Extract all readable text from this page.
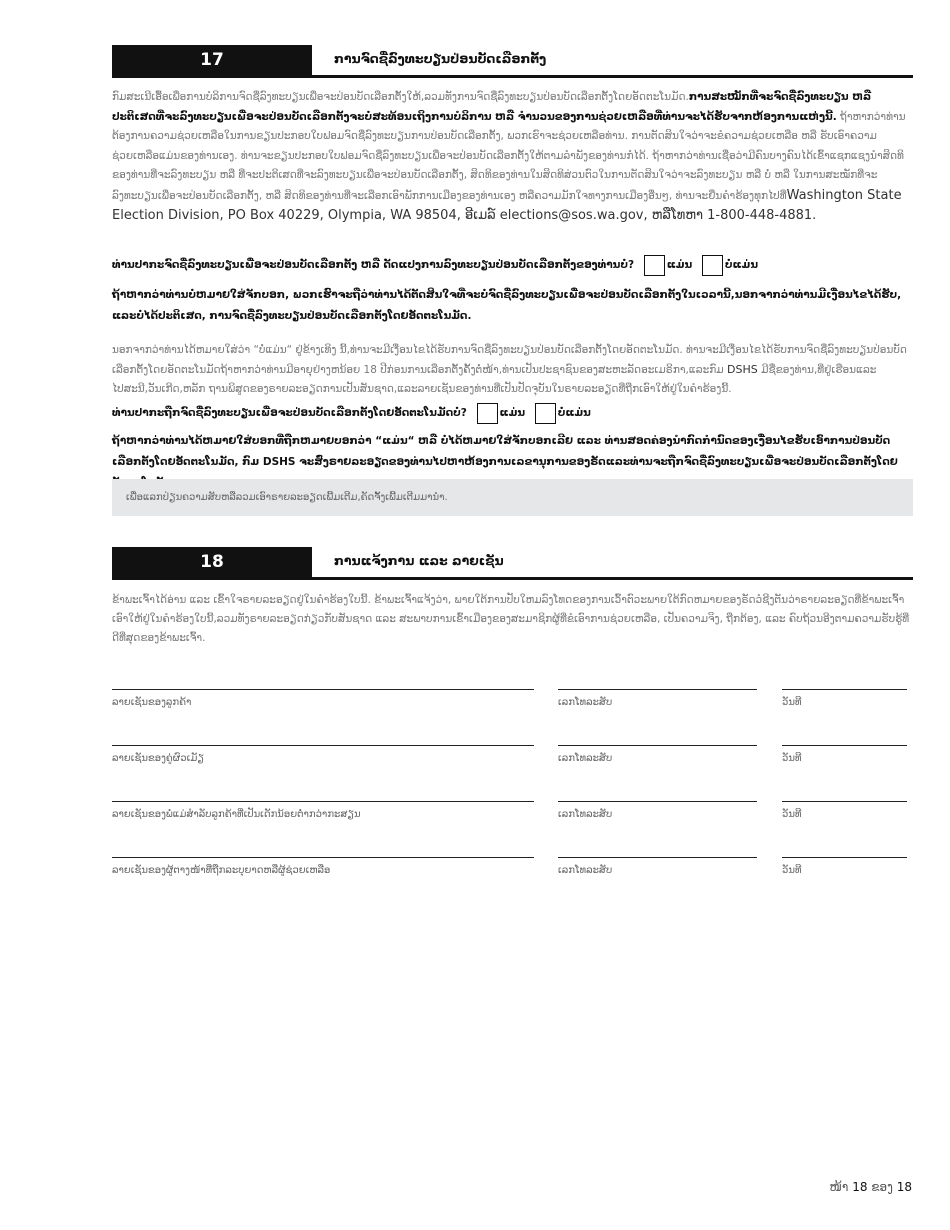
17	ການຈົດຊື່ລົງທະບຽນປ່ອນບັດເລືອກຕັ້ງ

ກົມສະເນີເອື້ອເພື່ອການບໍລິການຈົດຊື່ລົງທະບຽນເພື່ອຈະປ່ອນບັດເລືອກຕັ້ງໃຫ້,ລວມທັງການຈົດຊື່ລົງທະບຽນປ່ອນບັດເລືອກຕັ້ງໂດຍອັດຕະໂນມັດ.ການສະໝັກທີ່ຈະຈົດຊື່ລົງທະບຽນ ຫລື ປະຕິເສດທີ່ຈະລົງທະບຽນເພື່ອຈະປ່ອນບັດເລືອກຕັ້ງຈະບໍ່ສະທ້ອນເຖິງການບໍລິການ ຫລື ຈຳນວນຂອງການຊ່ວຍເຫລືອທີ່ທ່ານຈະໄດ້ຮັບຈາກຫ້ອງການແຫ່ງນີ້. ຖ້າຫາກວ່າທ່ານຕ້ອງການຄວາມຊ່ວຍເຫລືອໃນການຂຽນປະກອບໃບຟອມຈົດຊື່ລົງທະບຽນການປ່ອນບັດເລືອກຕັ້ງ, ພວກເຮົາຈະຊ່ວຍເຫລືອທ່ານ. ການຕັດສິນໃຈວ່າຈະຂໍຄວາມຊ່ວຍເຫລືອ ຫລື ຮັບເອົາຄວາມຊ່ວຍເຫລືອແມ່ນຂອງທ່ານເອງ. ທ່ານຈະຂຽນປະກອບໃບຟອມຈົດຊື່ລົງທະບຽນເພື່ອຈະປ່ອນບັດເລືອກຕັ້ງໃຫ້ຕາມລຳພັງຂອງທ່ານກໍໄດ້. ຖ້າຫາກວ່າທ່ານເຊື່ອວ່າມີຄົນບາງຄົນໄດ້ເຂົ້າແຊກແຊງນຳສິດທິຂອງທ່ານທີ່ຈະລົງທະບຽນ ຫລື ທີ່ຈະປະຕິເສດທີ່ຈະລົງທະບຽນເພື່ອຈະປ່ອນບັດເລືອກຕັ້ງ, ສິດທິຂອງທ່ານໃນສິດທິສ່ວນຕົວໃນການຕັດສິນໃຈວ່າຈະລົງທະບຽນ ຫລື ບໍ່ ຫລື ໃນການສະໝັກທີ່ຈະລົງທະບຽນເພື່ອຈະປ່ອນບັດເລືອກຕັ້ງ, ຫລື ສິດທິຂອງທ່ານທີ່ຈະເລືອກເອົາພັກການເມືອງຂອງທ່ານເອງ ຫລືຄວາມມັກໃຈທາງການເມືອງອື່ນໆ, ທ່ານຈະຍື່ນຄຳຮ້ອງທຸກໄປທີ່Washington State Election Division, PO Box 40229, Olympia, WA 98504, ອີເມລ໌ elections@sos.wa.gov, ຫລືໂທຫາ 1-800-448-4881.

ທ່ານປາກະຈົດຊື່ລົງທະບຽນເພື່ອຈະປ່ອນບັດເລືອກຕັ້ງ ຫລື ດັດແປງການລົງທະບຽນປ່ອນບັດເລືອກຕັ້ງຂອງທ່ານບໍ່?	ແມ່ນ	ບໍ່ແມ່ນ

ຖ້າຫາກວ່າທ່ານບໍ່ຫມາຍໃສ່ຈັກບອກ, ພວກເຮົາຈະຖືວ່າທ່ານໄດ້ຕັດສິນໃຈທີ່ຈະບໍ່ຈົດຊື່ລົງທະບຽນເພື່ອຈະປ່ອນບັດເລືອກຕັ້ງໃນເວລານີ້,ນອກຈາກວ່າທ່ານມີເງື່ອນໄຂໄດ້ຮັບ, ແລະບໍ່ໄດ້ປະຕິເສດ, ການຈົດຊື່ລົງທະບຽນປ່ອນບັດເລືອກຕັ້ງໂດຍອັດຕະໂນມັດ.

ນອກຈາກວ່າທ່ານໄດ້ຫມາຍໃສ່ວ່າ “ບໍ່ແມ່ນ“ ຢູ່ຂ້າງເທິງ ນີ້,ທ່ານຈະມີເງື່ອນໄຂໄດ້ຮັບການຈົດຊື່ລົງທະບຽນປ່ອນບັດເລືອກຕັ້ງໂດຍອັດຕະໂນມັດ. ທ່ານຈະມີເງື່ອນໄຂໄດ້ຮັບການຈົດຊື່ລົງທະບຽນປ່ອນບັດເລືອກຕັ້ງໂດຍອັດຕະໂນມັດຖ້າຫາກວ່າທ່ານມີອາຍຸຢ່າງຫນ້ອຍ 18 ປີກ່ອນການເລືອກຕັ້ງຄັ້ງຕໍ່ໜ້າ,ທ່ານເປັນປະຊາຊົນຂອງສະຫະລັດອະເມຣິກາ,ແລະກົມ DSHS ມີຊື່ຂອງທ່ານ,ທີ່ຢູ່ເຮືອນແລະໄປສະນີ,ວັນເກີດ,ຫລັກ ຖານພິສູດຂອງຣາຍລະອຽດການເປັນສັນຊາດ,ແລະລາຍເຊັນຂອງທ່ານທີ່ເປັນປັດຈຸບັນໃນຣາຍລະອຽດທີ່ຖືກເອົາໃຫ້ຢູ່ໃນຄຳຮ້ອງນີ້.

ທ່ານປາກະຖືກຈົດຊື່ລົງທະບຽນເພື່ອຈະປ່ອນບັດເລືອກຕັ້ງໂດຍອັດຕະໂນມັດບໍ່?	ແມ່ນ	ບໍ່ແມ່ນ

ຖ້າຫາກວ່າທ່ານໄດ້ຫມາຍໃສ່ບອກທີ່ຖືກຫມາຍບອກວ່າ “ແມ່ນ“ ຫລື ບໍ່ໄດ້ຫມາຍໃສ່ຈັກບອກເລີຍ ແລະ ທ່ານສອດຄ່ອງນຳກົດກຳນົດຂອງເງື່ອນໄຂຮັບເອົາການປ່ອນບັດເລືອກຕັ້ງໂດຍອັດຕະໂນມັດ, ກົມ DSHS ຈະສົ່ງຣາຍລະອຽດຂອງທ່ານໄປຫາຫ້ອງການເລຂານຸການຂອງຣັດແລະທ່ານຈະຖືກຈົດຊື່ລົງທະບຽນເພື່ອຈະປ່ອນບັດເລືອກຕັ້ງໂດຍ

ເພື່ອແລກປ່ຽນຄວາມສັບຫລືລວມເອົາຣາຍລະອຽດເພີ້ມເຕີມ,ຄັດຈັ້ງເພີ້ມເຕີມມານຳ.
18	ການແຈ້ງການ ແລະ ລາຍເຊັນ

ຂ້າພະເຈົ້າໄດ້ອ່ານ ແລະ ເຂົ້າໃຈຣາຍລະອຽດຢູ່ໃນຄຳຮ້ອງໃບນີ້. ຂ້າພະເຈົ້າແຈ້ງວ່າ, ພາຍໃຕ້ການປັບໃຫມລົງໂທດຂອງການເວົ້າຕົວະພາຍໃຕ້ກົດຫມາຍຂອງຣັດວໍຊີງຕັນວ່າຣາຍລະອຽດທີ່ຂ້າພະເຈົ້າເອົາໃຫ້ຢູ່ໃນຄຳຮ້ອງໃບນີ້,ລວມທັງຣາຍລະອຽດກ່ຽວກັບສັນຊາດ ແລະ ສະພາບການເຂົ້າເມືອງຂອງສະມາຊິກຜູ້ທີ່ຂໍເອົາການຊ່ວຍເຫລືອ, ເປັນຄວາມຈິງ, ຖືກຕ້ອງ, ແລະ ຄົບຖ້ວນອີງຕາມຄວາມຮັບຮູ້ທີ່ດີທີ່ສຸດຂອງຂ້າພະເຈົ້າ.

ລາຍເຊັນຂອງລູກຄ້າ	ເລກໂທລະສັບ	ວັນທີ
ລາຍເຊັນຂອງຄູ່ຜົວເມັຽ	ເລກໂທລະສັບ	ວັນທີ
ລາຍເຊັນຂອງພໍ່ແມ່ສຳລັບລູກຄ້າທີ່ເປັນເດັກນ້ອຍຕ່ຳກວ່າກະສຽນ	ເລກໂທລະສັບ	ວັນທີ
ລາຍເຊັນຂອງຜູ້ຕາງໜ້າທີ່ຖືກລະບຸຍາດຫລືຜູ້ຊ່ວຍເຫລືອ	ເລກໂທລະສັບ	ວັນທີ
ໜ້າ 18 ຂອງ 18
